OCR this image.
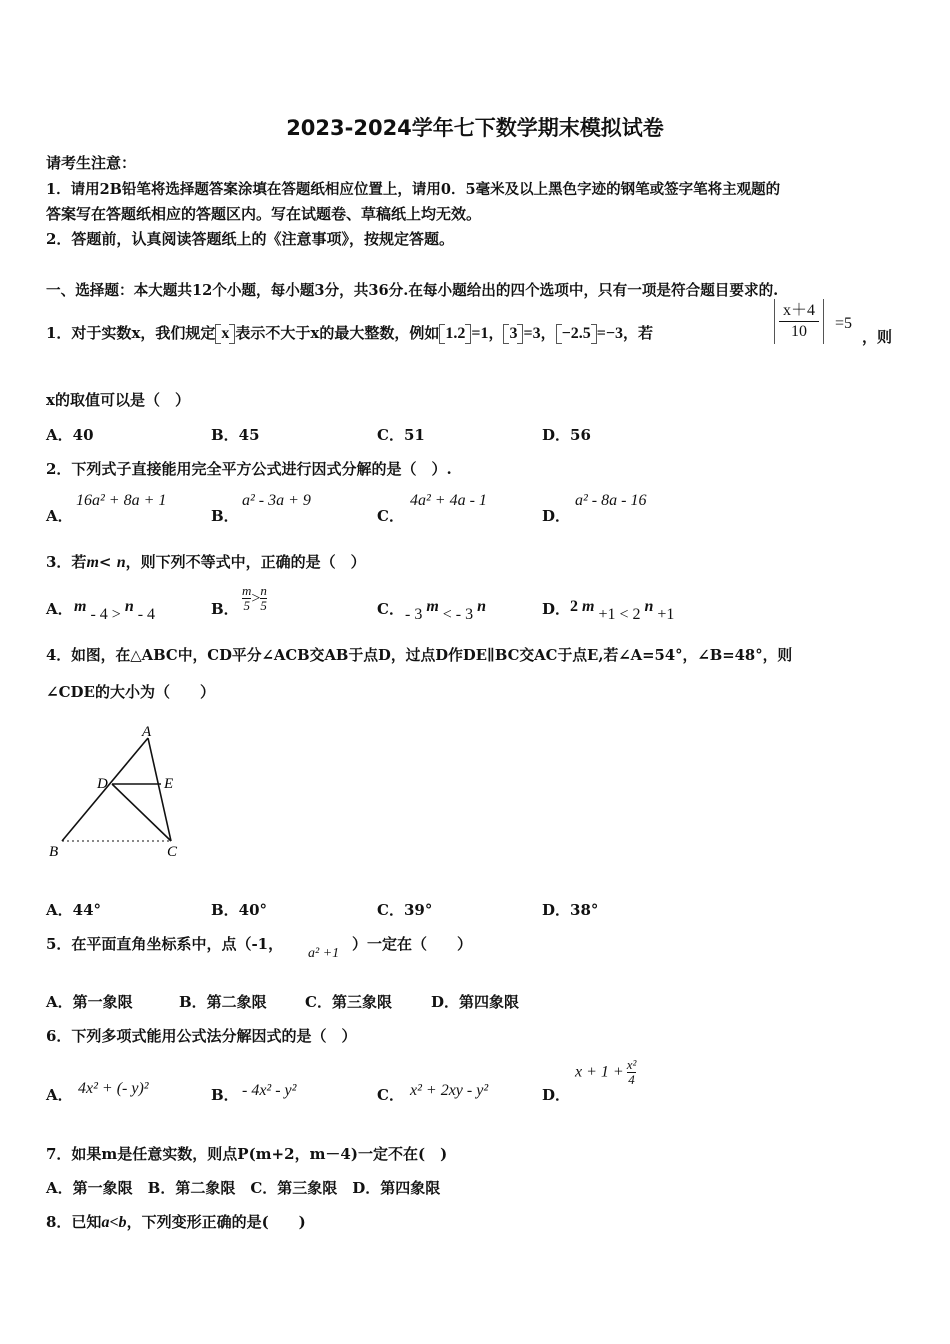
2023-2024学年七下数学期末模拟试卷
请考生注意：
1．请用2B铅笔将选择题答案涂填在答题纸相应位置上，请用0．5毫米及以上黑色字迹的钢笔或签字笔将主观题的
答案写在答题纸相应的答题区内。写在试题卷、草稿纸上均无效。
2．答题前，认真阅读答题纸上的《注意事项》，按规定答题。
一、选择题：本大题共12个小题，每小题3分，共36分.在每小题给出的四个选项中，只有一项是符合题目要求的.
1．对于实数x，我们规定 x 表示不大于x的最大整数，例如 1.2 =1， 3 =3， −2.5 =−3，若	$\frac{x+4}{10} =5$
，则
x的取值可以是（　）
A．40	B．45	C．51	D．56
2．下列式子直接能用完全平方公式进行因式分解的是（　）.
A．
16a² + 8a + 1
B．
a² - 3a + 9
C．
4a² + 4a - 1
D．
a² - 8a - 16
3．若m< n，则下列不等式中，正确的是（　）
A． m - 4 > n - 4	B． $\frac{m}{5} > \frac{n}{5}$	C． - 3 m < - 3 n	D． 2 m +1 < 2 n +1
4．如图，在△ABC中，CD平分∠ACB交AB于点D，过点D作DE∥BC交AC于点E,若∠A=54°，∠B=48°，则
∠CDE的大小为（　　）
A
D	E
B	C
A．44°	B．40°	C．39°	D．38°
5．在平面直角坐标系中，点（-1，
a² +1
）一定在（　　）
A．第一象限	B．第二象限	C．第三象限	D．第四象限
6．下列多项式能用公式法分解因式的是（　）
A． 4x² + (- y)²	B． - 4x² - y²	C． x² + 2xy - y²	D．
$x + 1 + \frac{\text{x²}}{4}$
7．如果m是任意实数，则点P(m+2，m－4)一定不在(　)
A．第一象限　B．第二象限　C．第三象限　D．第四象限
8．已知a<b，下列变形正确的是(　　)
